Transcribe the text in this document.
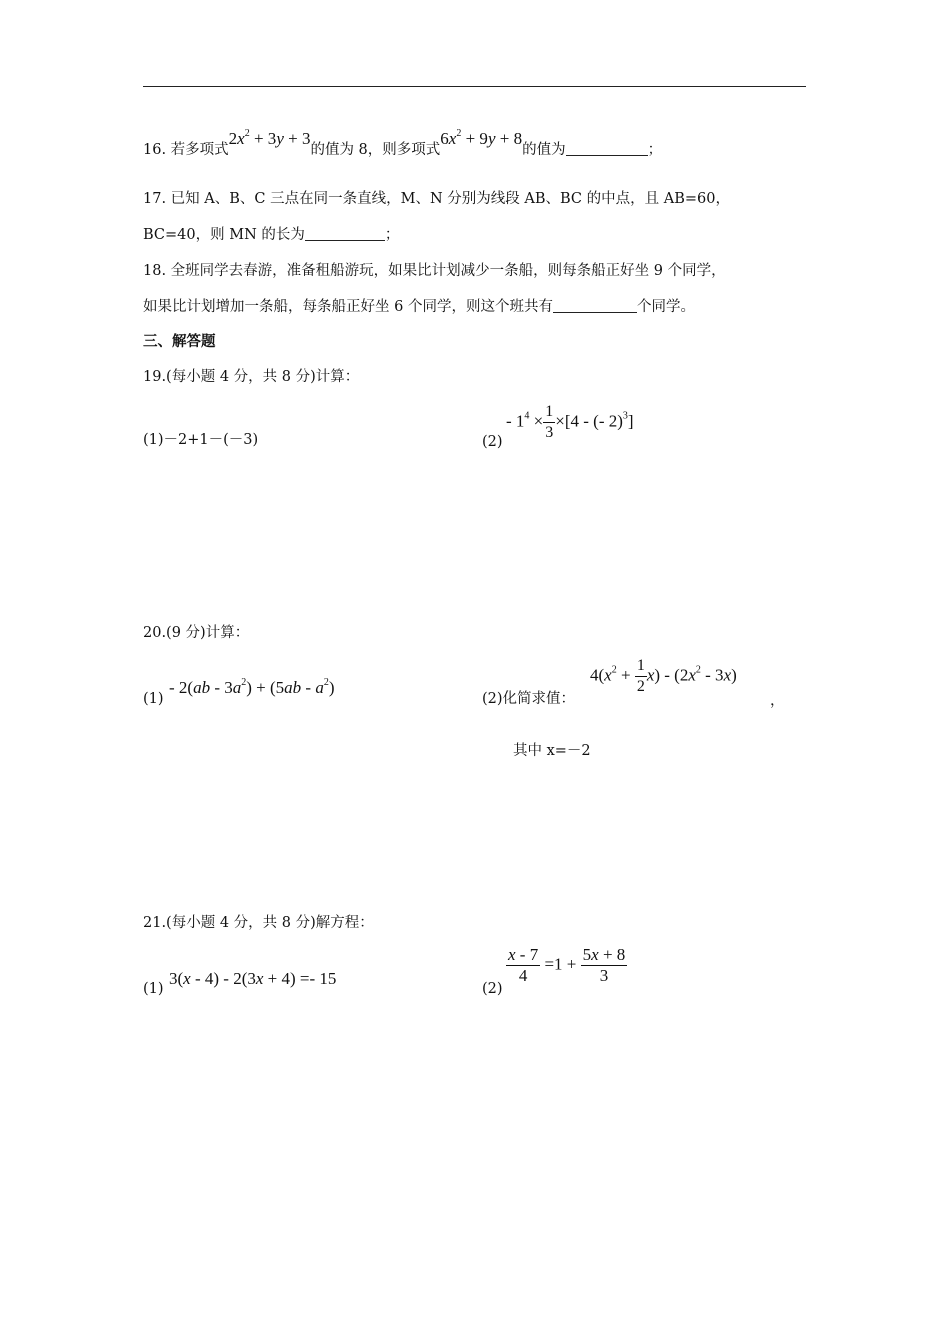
16. 若多项式$2x^2 + 3y + 3$的值为 8，则多项式$6x^2 + 9y + 8$的值为	；
17. 已知 A、B、C 三点在同一条直线，M、N 分别为线段 AB、BC 的中点，且 AB=60，
BC=40，则 MN 的长为	；
18. 全班同学去春游，准备租船游玩，如果比计划减少一条船，则每条船正好坐 9 个同学，
如果比计划增加一条船，每条船正好坐 6 个同学，则这个班共有	个同学。
三、解答题
19.(每小题 4 分，共 8 分)计算：
(1)－2+1－(－3)	(2)
- $1^4 \times \frac{1}{3} \times[4$ - (- 2)$^3$]
20.(9 分)计算：
(1)
- $2(ab - 3a^2) + (5ab - a^2)$
(2)化简求值：
$4(x^2 + \frac{1}{2} x) - (2x^2 - 3x)$
，
其中 x=－2
21.(每小题 4 分，共 8 分)解方程：
(1)
3(x - 4) - 2(3x + 4) =- 15
(2)
$\frac{x - 7}{4} =1 + \frac{5x + 8}{3}$
